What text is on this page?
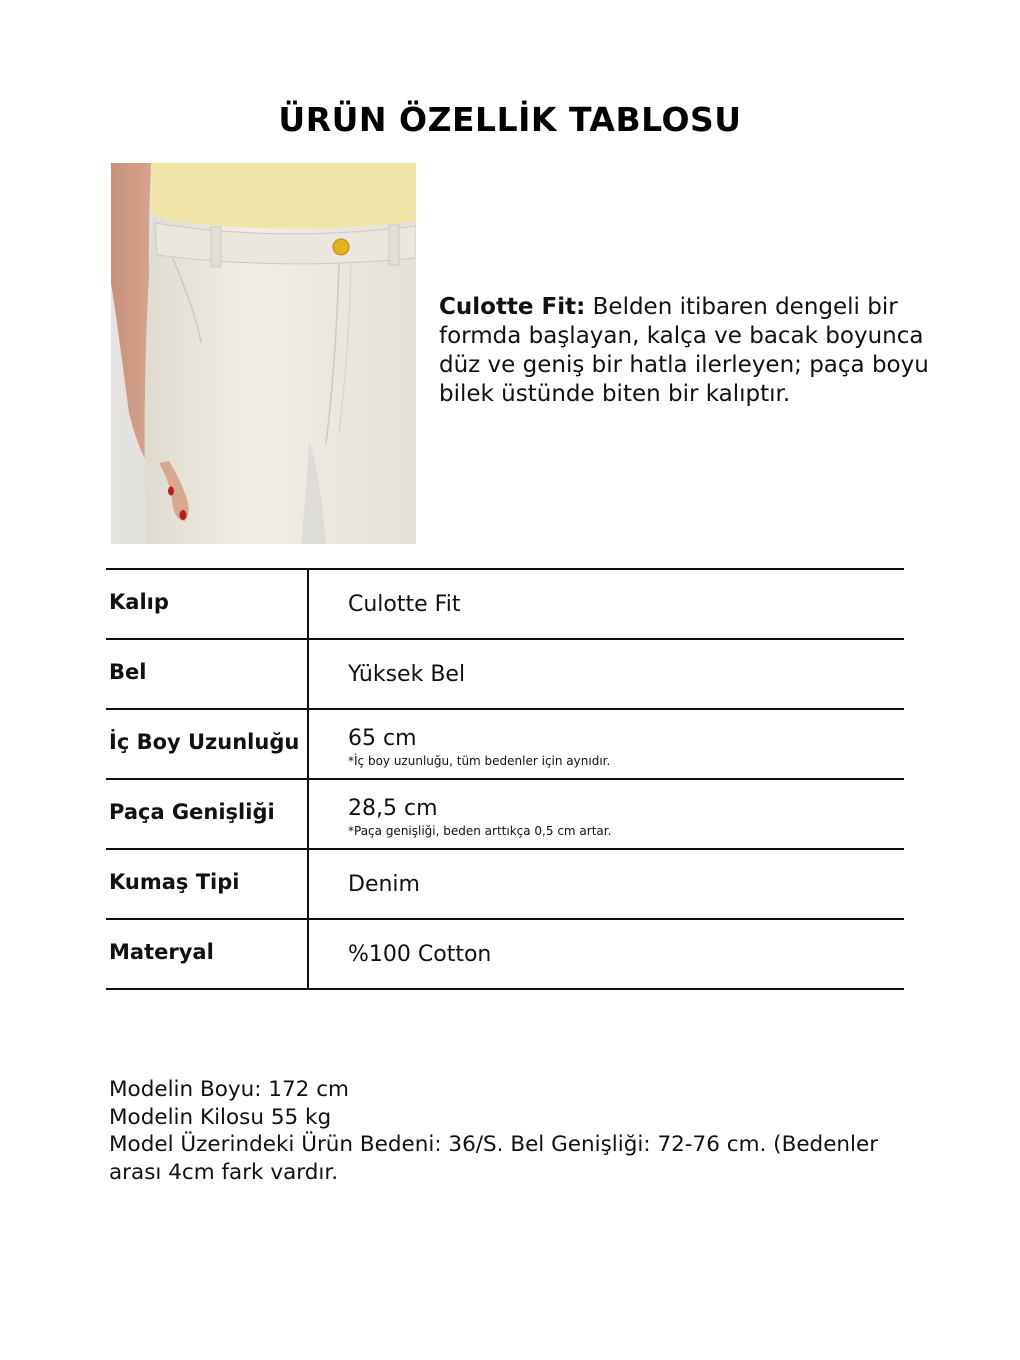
ÜRÜN ÖZELLİK TABLOSU
Culotte Fit: Belden itibaren dengeli bir formda başlayan, kalça ve bacak boyunca düz ve geniş bir hatla ilerleyen; paça boyu bilek üstünde biten bir kalıptır.
Kalıp	Culotte Fit
Bel	Yüksek Bel
İç Boy Uzunluğu 65 cm
*İç boy uzunluğu, tüm bedenler için aynıdır.
Paça Genişliği	28,5 cm
*Paça genişliği, beden arttıkça 0,5 cm artar.
Kumaş Tipi	Denim
Materyal	%100 Cotton
Modelin Boyu: 172 cm
Modelin Kilosu 55 kg
Model Üzerindeki Ürün Bedeni: 36/S. Bel Genişliği: 72-76 cm. (Bedenler arası 4cm fark vardır.
